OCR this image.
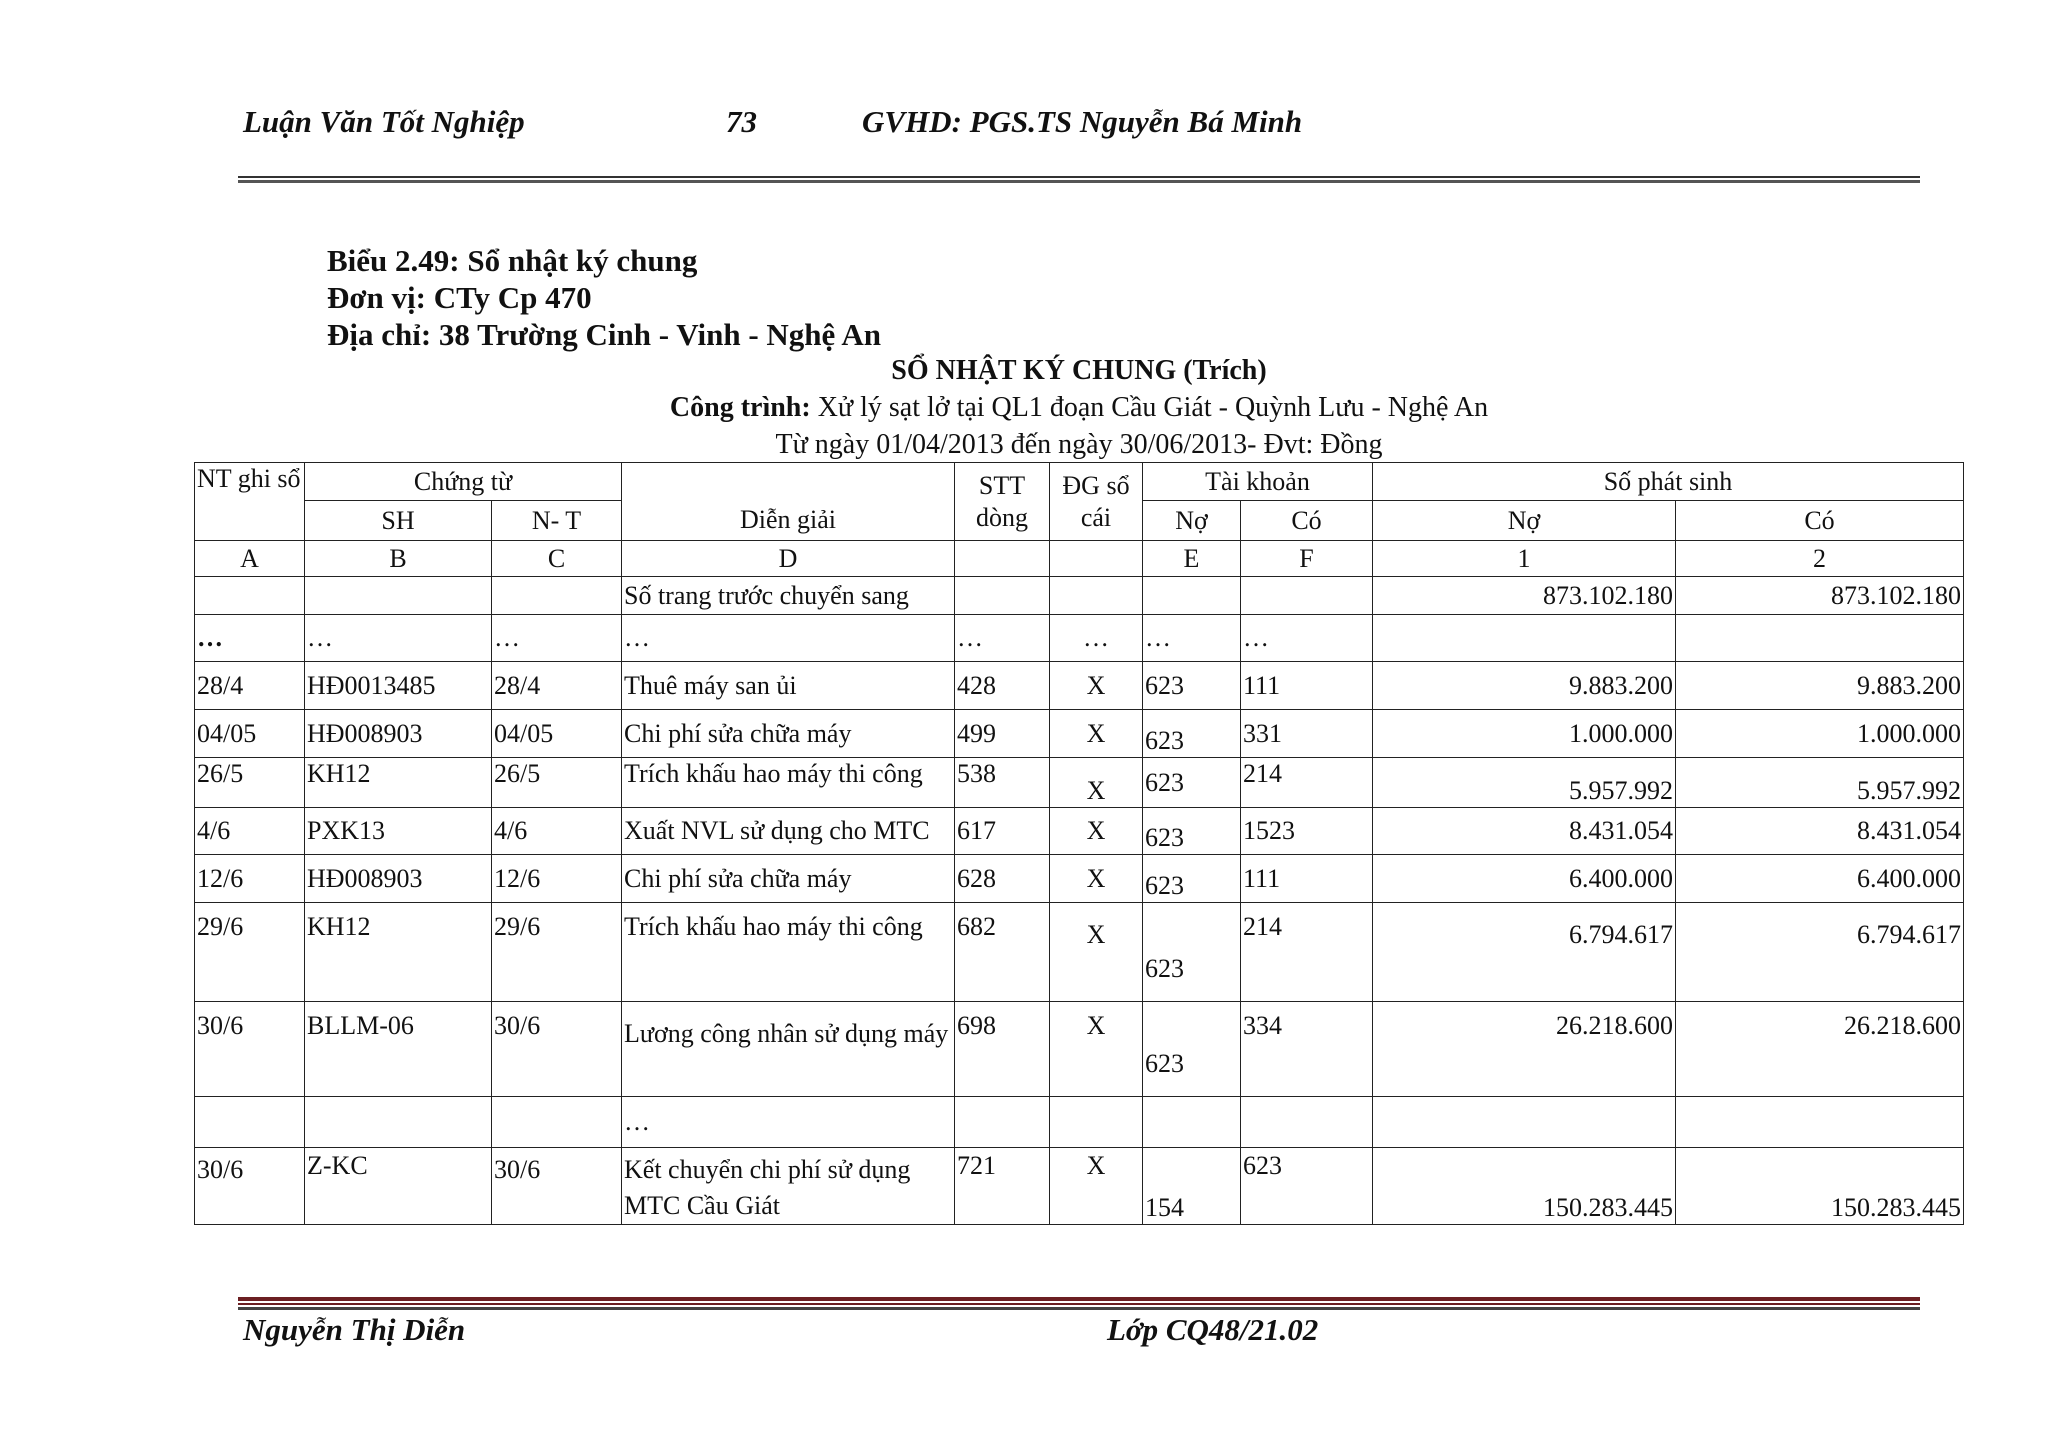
Luận Văn Tốt Nghiệp	73	GVHD: PGS.TS Nguyễn Bá Minh
Biểu 2.49: Sổ nhật ký chung
Đơn vị: CTy Cp 470
Địa chỉ: 38 Trường Cinh - Vinh - Nghệ An
SỔ NHẬT KÝ CHUNG (Trích)
Công trình: Xử lý sạt lở tại QL1 đoạn Cầu Giát - Quỳnh Lưu - Nghệ An
Từ ngày 01/04/2013 đến ngày 30/06/2013- Đvt: Đồng
NT ghi sổ	Chứng từ		Diễn giải	STT dòng	ĐG sổ cái	Tài khoản		Số phát sinh	
	SH	N- T				Nợ	Có	Nợ	Có
A	B	C	D			E	F	1	2
			Số trang trước chuyển sang					873.102.180	873.102.180
…	…	…	…	…	…	…	…		
28/4	HĐ0013485	28/4	Thuê máy san ủi	428	X	623	111	9.883.200	9.883.200
04/05	HĐ008903	04/05	Chi phí sửa chữa máy	499	X	623	331	1.000.000	1.000.000
26/5	KH12	26/5	Trích khấu hao máy thi công	538	X	623	214	5.957.992	5.957.992
4/6	PXK13	4/6	Xuất NVL sử dụng cho MTC	617	X	623	1523	8.431.054	8.431.054
12/6	HĐ008903	12/6	Chi phí sửa chữa máy	628	X	623	111	6.400.000	6.400.000
29/6	KH12	29/6	Trích khấu hao máy thi công	682	X	623	214	6.794.617	6.794.617
30/6	BLLM-06	30/6	Lương công nhân sử dụng máy	698	X	623	334	26.218.600	26.218.600
			…						
30/6	Z-KC	30/6	Kết chuyển chi phí sử dụng MTC Cầu Giát	721	X	154	623	150.283.445	150.283.445
Nguyễn Thị Diễn	Lớp CQ48/21.02
